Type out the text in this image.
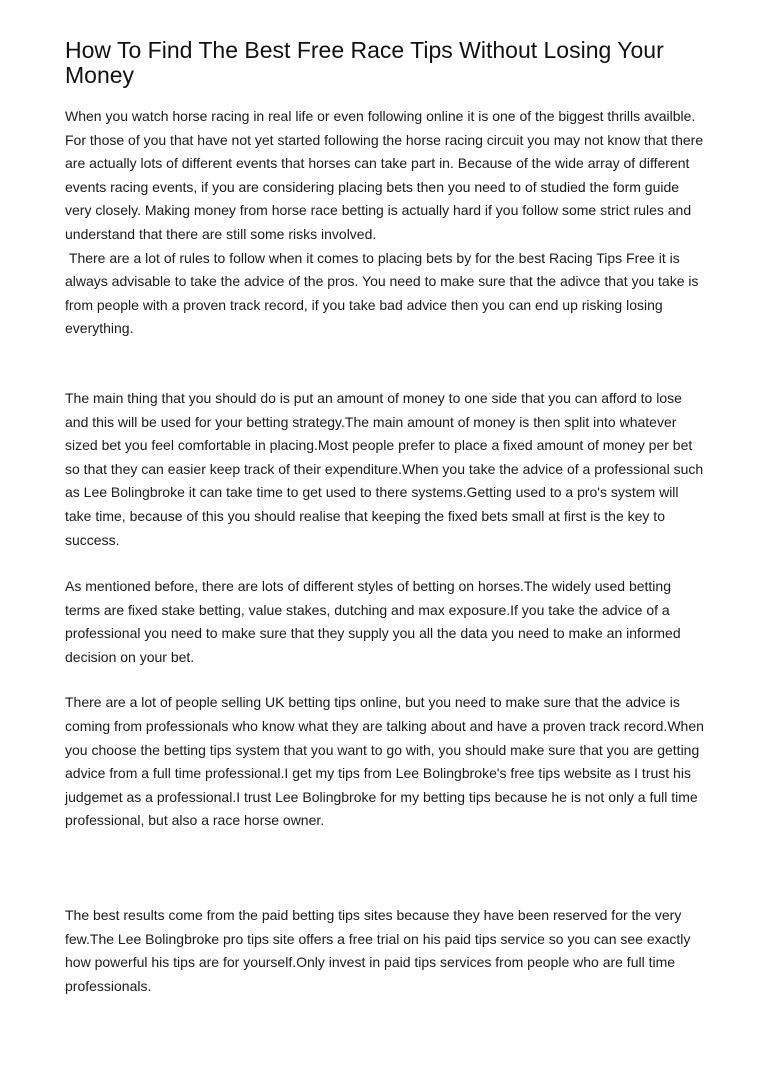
How To Find The Best Free Race Tips Without Losing Your Money

When you watch horse racing in real life or even following online it is one of the biggest thrills availble. For those of you that have not yet started following the horse racing circuit you may not know that there are actually lots of different events that horses can take part in. Because of the wide array of different events racing events, if you are considering placing bets then you need to of studied the form guide very closely. Making money from horse race betting is actually hard if you follow some strict rules and understand that there are still some risks involved.
There are a lot of rules to follow when it comes to placing bets by for the best Racing Tips Free it is always advisable to take the advice of the pros. You need to make sure that the adivce that you take is from people with a proven track record, if you take bad advice then you can end up risking losing everything.

The main thing that you should do is put an amount of money to one side that you can afford to lose and this will be used for your betting strategy.The main amount of money is then split into whatever sized bet you feel comfortable in placing.Most people prefer to place a fixed amount of money per bet so that they can easier keep track of their expenditure.When you take the advice of a professional such as Lee Bolingbroke it can take time to get used to there systems.Getting used to a pro's system will take time, because of this you should realise that keeping the fixed bets small at first is the key to success.

As mentioned before, there are lots of different styles of betting on horses.The widely used betting terms are fixed stake betting, value stakes, dutching and max exposure.If you take the advice of a professional you need to make sure that they supply you all the data you need to make an informed decision on your bet.

There are a lot of people selling UK betting tips online, but you need to make sure that the advice is coming from professionals who know what they are talking about and have a proven track record.When you choose the betting tips system that you want to go with, you should make sure that you are getting advice from a full time professional.I get my tips from Lee Bolingbroke's free tips website as I trust his judgemet as a professional.I trust Lee Bolingbroke for my betting tips because he is not only a full time professional, but also a race horse owner.

The best results come from the paid betting tips sites because they have been reserved for the very few.The Lee Bolingbroke pro tips site offers a free trial on his paid tips service so you can see exactly how powerful his tips are for yourself.Only invest in paid tips services from people who are full time professionals.
